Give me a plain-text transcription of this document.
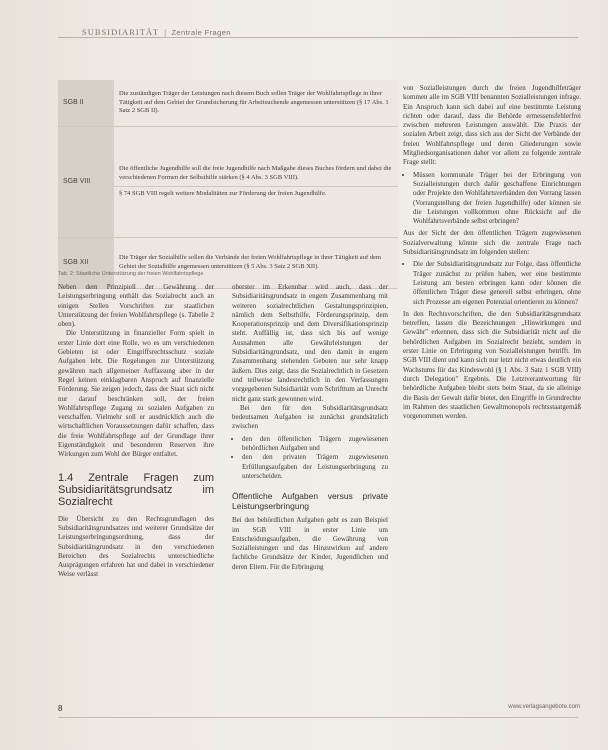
SUBSIDIARITÄT  |  Zentrale Fragen
SGB II	Die zuständigen Träger der Leistungen nach diesem Buch sollen Träger der Wohlfahrtspflege in ihrer Tätigkeit auf dem Gebiet der Grundsicherung für Arbeitsuchende angemessen unterstützen (§ 17 Abs. 1 Satz 2 SGB II).
SGB VIII	Die öffentliche Jugendhilfe soll die freie Jugendhilfe nach Maßgabe dieses Buches fördern und dabei die verschiedenen Formen der Selbsthilfe stärken (§ 4 Abs. 3 SGB VIII).

§ 74 SGB VIII regelt weitere Modalitäten zur Förderung der freien Jugendhilfe.

SGB XII	Die Träger der Sozialhilfe sollen die Verbände der freien Wohlfahrtspflege in ihrer Tätigkeit auf dem Gebiet der Sozialhilfe angemessen unterstützen (§ 5 Abs. 3 Satz 2 SGB XII).
Tab. 2: Staatliche Unterstützung der freien Wohlfahrtspflege

Neben dem Prinzipiell der Gewährung der Leistungserbringung enthält das Sozialrecht auch an einigen Stellen Vorschriften zur staatlichen Unterstützung der freien Wohlfahrtspflege (s. Tabelle 2 oben).

Die Unterstützung in finanzieller Form spielt in erster Linie dort eine Rolle, wo es um verschiedenen Gebieten ist oder Eingriffsrechtsschutz soziale Aufgaben lebt. Die Regelungen zur Unterstützung gewähren nach allgemeiner Auffassung aber in der Regel keinen einklagbaren Anspruch auf finanzielle Förderung. Sie zeigen jedoch, dass der Staat sich nicht nur darauf beschränken soll, der freien Wohlfahrtspflege Zugang zu sozialen Aufgaben zu verschaffen. Vielmehr soll er ausdrücklich auch die wirtschaftlichen Voraussetzungen dafür schaffen, dass die freie Wohlfahrtspflege auf der Grundlage ihrer Eigenständigkeit und besonderen Reserven ihre Wirkungen zum Wohl der Bürger entfaltet.

1.4 Zentrale Fragen zum Subsidiaritätsgrundsatz im Sozialrecht

Die Übersicht zu den Rechtsgrundlagen des Subsidiaritätsgrundsatzes und weiterer Grundsätze der Leistungserbringungsordnung, dass der Subsidiaritätsgrundsatz in den verschiedenen Bereichen des Sozialrechts unterschiedliche Ausprägungen erfahren hat und dabei in verschiedener Weise verlässt

oberster im Erkennbar wird auch, dass der Subsidiaritätsgrundsatz in engem Zusammenhang mit weiteren sozialrechtlichen Gestaltungsprinzipien, nämlich dem Selbsthilfe, Förderungsprinzip, dem Kooperationsprinzip und dem Diversifikationsprinzip steht. Auffällig ist, dass sich bis auf wenige Ausnahmen alle Gewährleistungen der Subsidiaritätsgrundsatz, und den damit in engem Zusammenhang stehenden Geboten nur sehr knapp äußern. Dies zeigt, dass die Sozialrechtlich in Gesetzen und teilweise landesrechtlich in den Verfassungen vorgegebenen Subsidiarität vom Schrifttum an Unrecht nicht ganz stark gewonnen wird.

Bei den für den Subsidiaritätsgrundsatz bedeutsamen Aufgaben ist zunächst grundsätzlich zwischen

• den den öffentlichen Trägern zugewiesenen behördlichen Aufgaben und
• den den privaten Trägern zugewiesenen Erfüllungsaufgaben der Leistungserbringung zu unterscheiden.
Öffentliche Aufgaben versus private Leistungserbringung

Bei den behördlichen Aufgaben geht es zum Beispiel im SGB VIII in erster Linie um Entscheidungsaufgaben, die Gewährung von Sozialleistungen und das Hinzuwirken auf andere fachliche Grundsätze der Kinder, Jugendlichen und deren Eltern. Für die Erbringung

von Sozialleistungen durch die freien Jugendhilfeträger kommen alle im SGB VIII benannten Sozialleistungen infrage. Ein Anspruch kann sich dabei auf eine bestimmte Leistung richten oder darauf, dass die Behörde ermessensfehlerfrei zwischen mehreren Leistungen auswählt. Die Praxis der sozialen Arbeit zeigt, dass sich aus der Sicht der Verbände der freien Wohlfahrtspflege und deren Gliederungen sowie Mitgliedsorganisationen daher vor allem zu folgende zentrale Frage stellt:

• Müssen kommunale Träger bei der Erbringung von Sozialleistungen durch dafür geschaffene Einrichtungen oder Projekte den Wohlfahrtsverbänden den Vorrang lassen (Vorrangstellung der freien Jugendhilfe) oder können sie die Leistungen vollkommen ohne Rücksicht auf die Wohlfahrtsverbände selbst erbringen?

Aus der Sicht der den öffentlichen Trägern zugewiesenen Sozialverwaltung könnte sich die zentrale Frage nach Subsidiaritätsgrundsatz im folgenden stellen:

• Die der Subsidiaritätsgrundsatz zur Folge, dass öffentliche Träger zunächst zu prüfen haben, wer eine bestimmte Leistung am besten erbringen kann oder können die öffentlichen Träger diese generell selbst erbringen, ohne sich Prozesse am eigenen Potenzial orientieren zu können?

In den Rechtsvorschriften, die den Subsidiaritätsgrundsatz betreffen, lassen die Bezeichnungen „Hinwirkungen und Gewähr" erkennen, dass sich die Subsidiarität nicht auf die behördlichen Aufgaben im Sozialrecht bezieht, sondern in erster Linie on Erbringung von Sozialleistungen betrifft. Im SGB VIII dient und kann sich nur letzt nicht etwas deutlich ein Wachstums für das Kindeswohl (§ 1 Abs. 3 Satz 1 SGB VIII) durch Delegation" Ergebnis. Die Letztverantwortung für behördliche Aufgaben bleibt stets beim Staat, da sie alleinige die Basis der Gewalt dafür bietet, den Eingriffe in Grundrechte im Rahmen des staatlichen Gewaltmonopols rechtsstaatgemäß vorgenommen werden.

8	www.verlagsangebote.com
